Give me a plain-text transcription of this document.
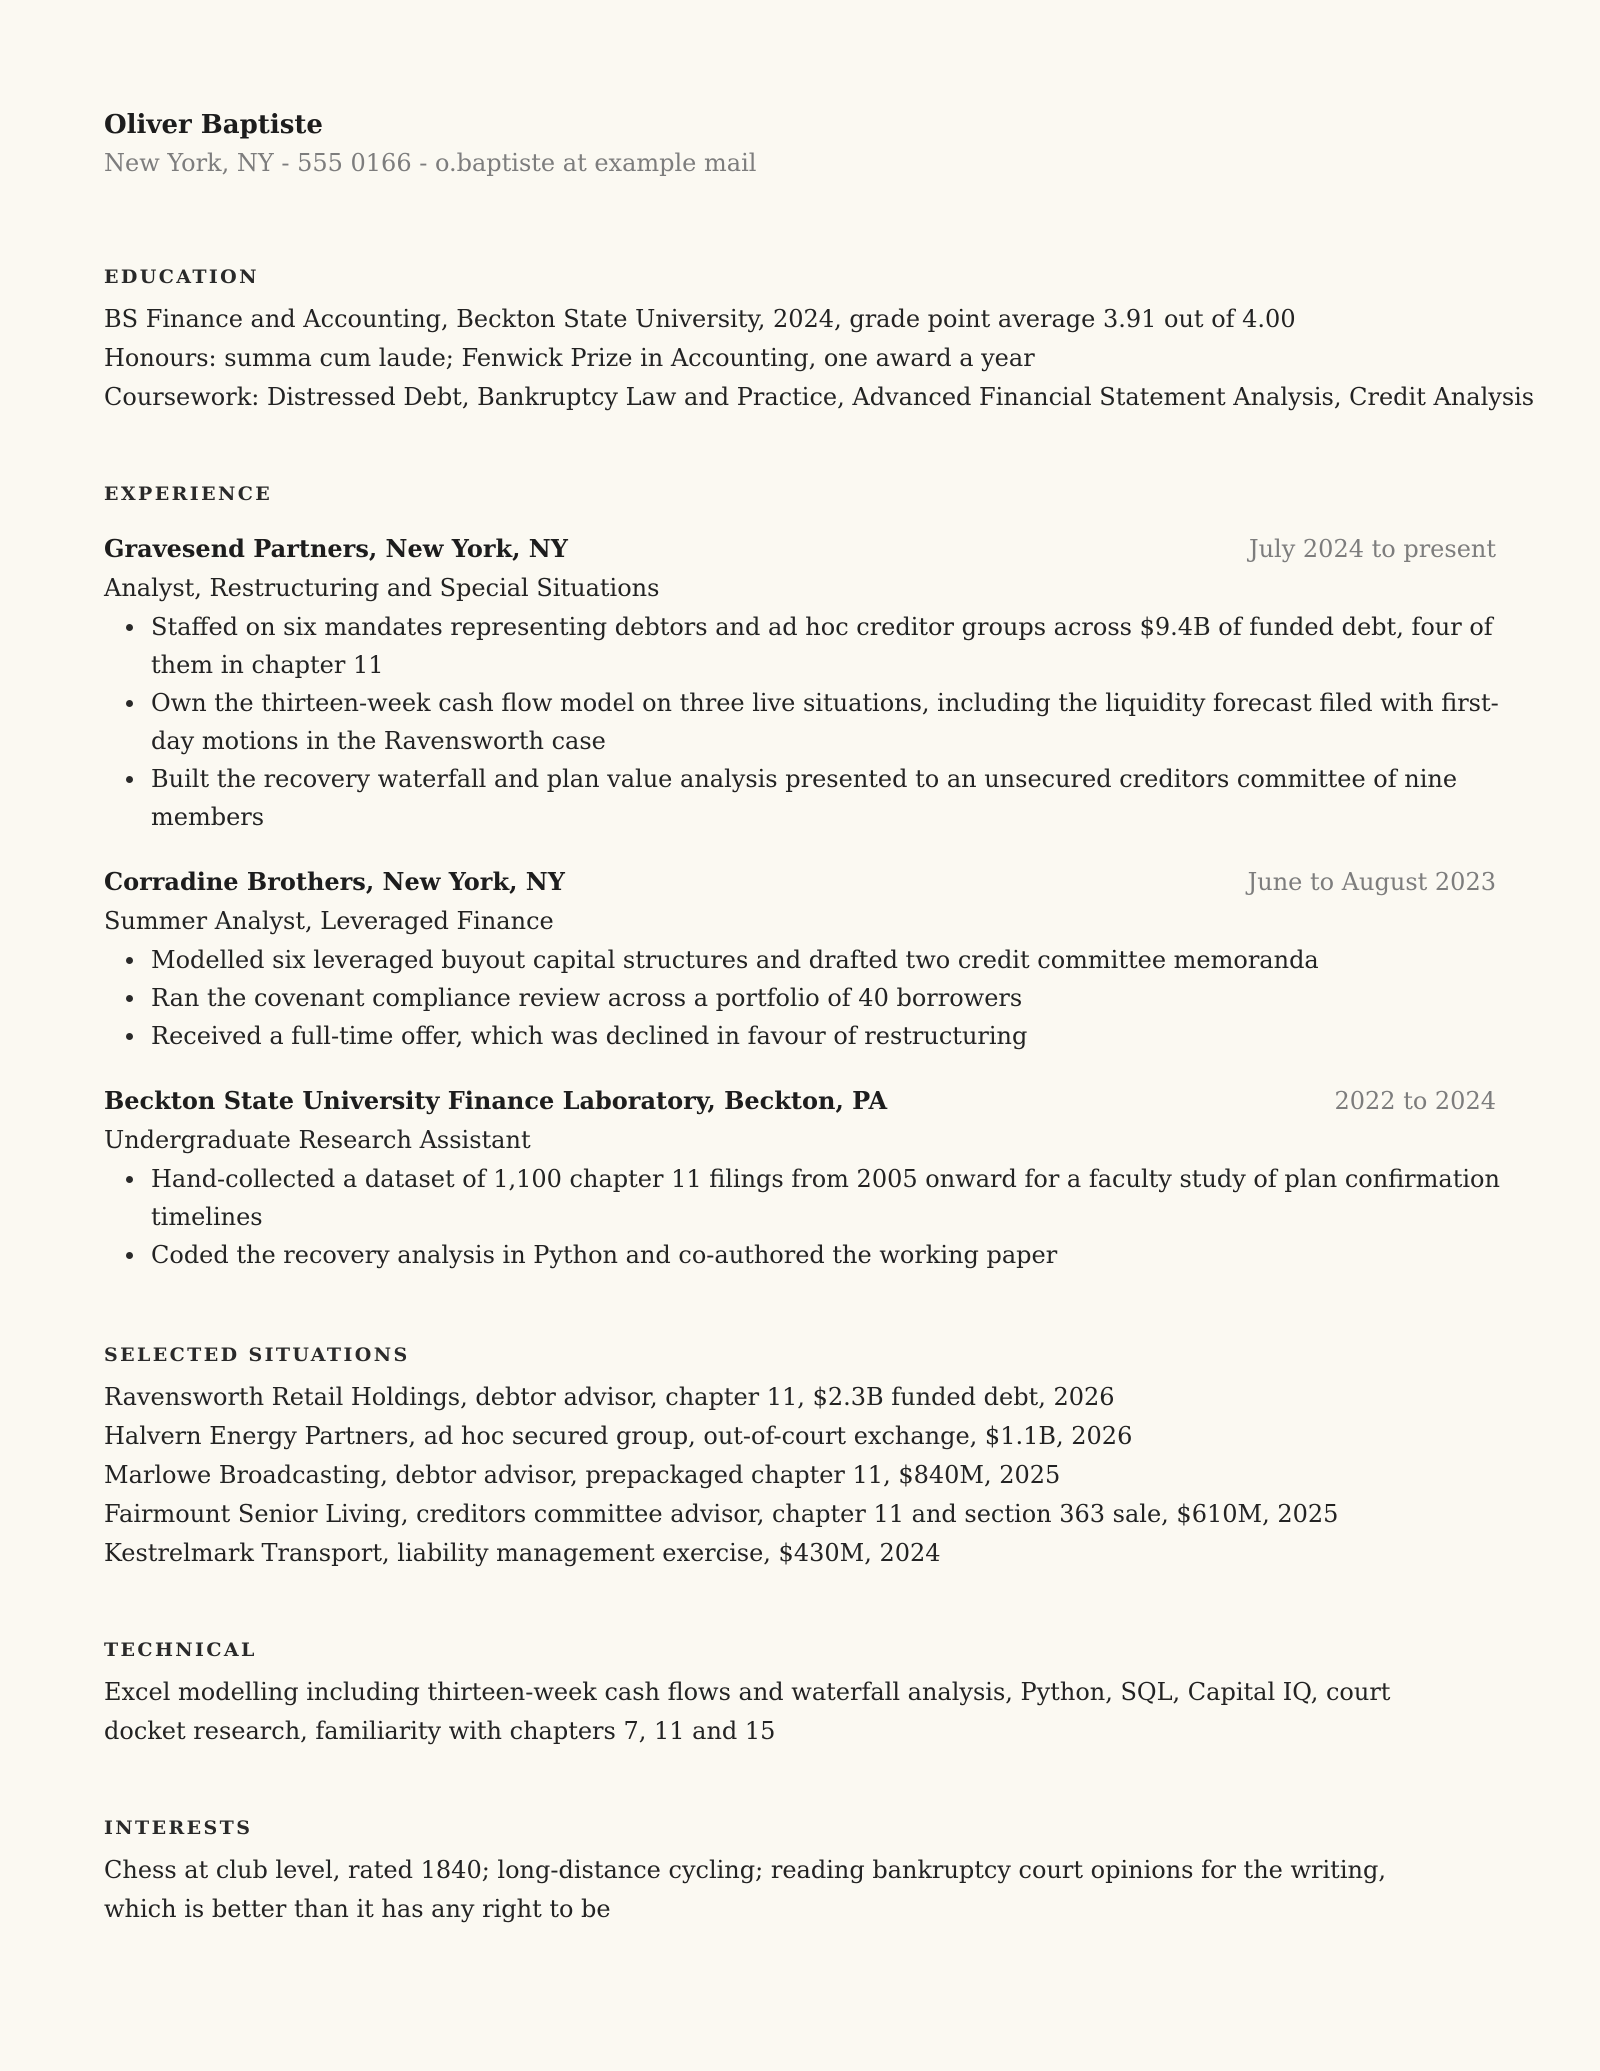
Oliver Baptiste

New York, NY - 555 0166 - o.baptiste at example mail

EDUCATION

BS Finance and Accounting, Beckton State University, 2024, grade point average 3.91 out of 4.00

Honours: summa cum laude; Fenwick Prize in Accounting, one award a year

Coursework: Distressed Debt, Bankruptcy Law and Practice, Advanced Financial Statement Analysis, Credit Analysis

EXPERIENCE

Gravesend Partners, New York, NY	July 2024 to present
Analyst, Restructuring and Special Situations
Staffed on six mandates representing debtors and ad hoc creditor groups across $9.4B of funded debt, four of them in chapter 11
Own the thirteen-week cash flow model on three live situations, including the liquidity forecast filed with first-day motions in the Ravensworth case
Built the recovery waterfall and plan value analysis presented to an unsecured creditors committee of nine members
Corradine Brothers, New York, NY	June to August 2023
Summer Analyst, Leveraged Finance
Modelled six leveraged buyout capital structures and drafted two credit committee memoranda
Ran the covenant compliance review across a portfolio of 40 borrowers
Received a full-time offer, which was declined in favour of restructuring
Beckton State University Finance Laboratory, Beckton, PA	2022 to 2024
Undergraduate Research Assistant
Hand-collected a dataset of 1,100 chapter 11 filings from 2005 onward for a faculty study of plan confirmation timelines
Coded the recovery analysis in Python and co-authored the working paper

SELECTED SITUATIONS

Ravensworth Retail Holdings, debtor advisor, chapter 11, $2.3B funded debt, 2026

Halvern Energy Partners, ad hoc secured group, out-of-court exchange, $1.1B, 2026

Marlowe Broadcasting, debtor advisor, prepackaged chapter 11, $840M, 2025

Fairmount Senior Living, creditors committee advisor, chapter 11 and section 363 sale, $610M, 2025

Kestrelmark Transport, liability management exercise, $430M, 2024

TECHNICAL

Excel modelling including thirteen-week cash flows and waterfall analysis, Python, SQL, Capital IQ, court docket research, familiarity with chapters 7, 11 and 15

INTERESTS

Chess at club level, rated 1840; long-distance cycling; reading bankruptcy court opinions for the writing, which is better than it has any right to be
